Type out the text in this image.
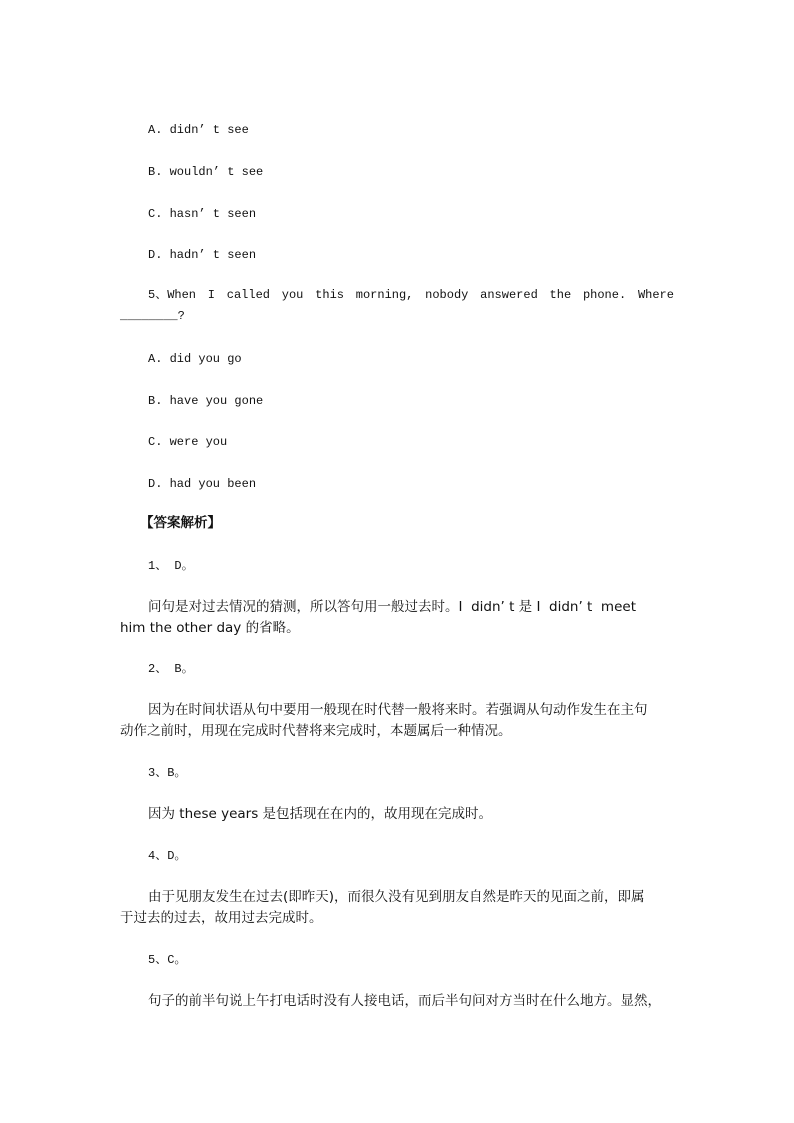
A. didn’ t see
B. wouldn’ t see
C. hasn’ t seen
D. hadn’ t seen
5、When I called you this morning, nobody answered the phone. Where
________?
A. did you go
B. have you gone
C. were you
D. had you been
【答案解析】
1、 D。
问句是对过去情况的猜测，所以答句用一般过去时。I  didn’ t 是 I  didn’ t  meet
him the other day 的省略。
2、 B。
因为在时间状语从句中要用一般现在时代替一般将来时。若强调从句动作发生在主句
动作之前时，用现在完成时代替将来完成时，本题属后一种情况。
3、B。
因为 these years 是包括现在在内的，故用现在完成时。
4、D。
由于见朋友发生在过去(即昨天)，而很久没有见到朋友自然是昨天的见面之前，即属
于过去的过去，故用过去完成时。
5、C。
句子的前半句说上午打电话时没有人接电话，而后半句问对方当时在什么地方。显然，
